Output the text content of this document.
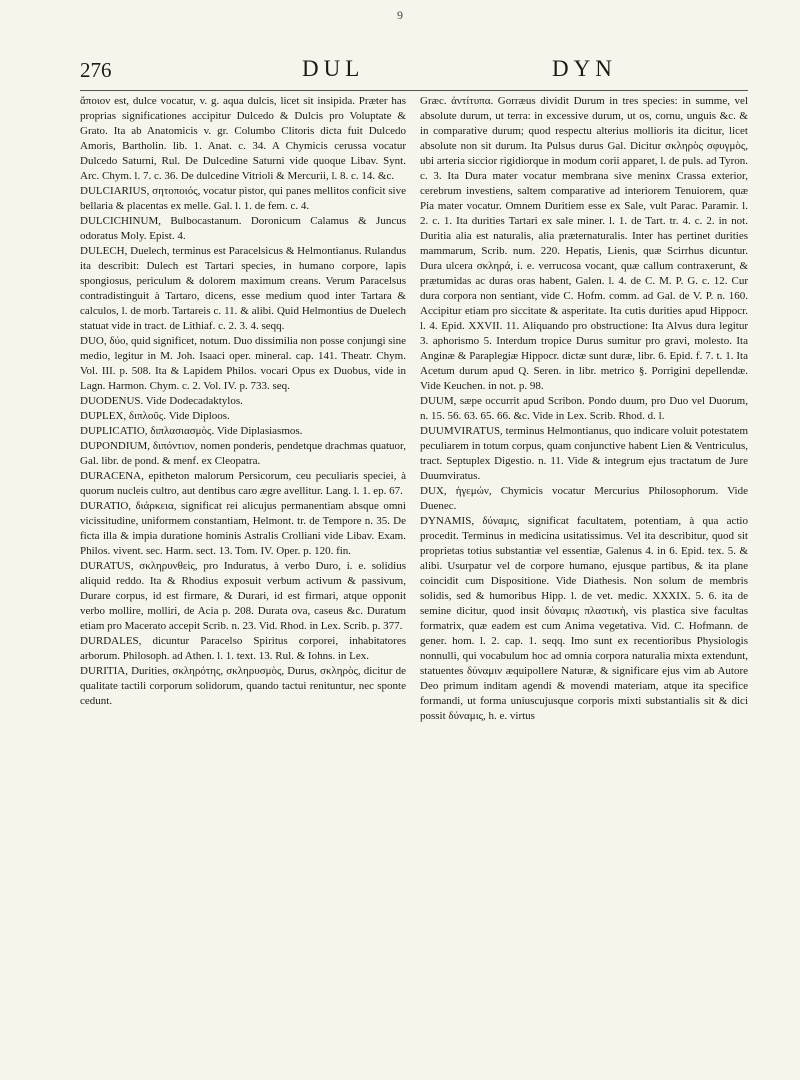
9
276	DUL	DYN

ἄποιον est, dulce vocatur, v. g. aqua dulcis, licet sit insipida. Præter has proprias significationes accipitur Dulcedo & Dulcis pro Voluptate & Grato. Ita ab Anatomicis v. gr. Columbo Clitoris dicta fuit Dulcedo Amoris, Bartholin. lib. 1. Anat. c. 34. A Chymicis cerussa vocatur Dulcedo Saturni, Rul. De Dulcedine Saturni vide quoque Libav. Synt. Arc. Chym. l. 7. c. 36. De dulcedine Vitrioli & Mercurii, l. 8. c. 14. &c.

DULCIARIUS, σητοποιός, vocatur pistor, qui panes mellitos conficit sive bellaria & placentas ex melle. Gal. l. 1. de fem. c. 4.

DULCICHINUM, Bulbocastanum. Doronicum Calamus & Juncus odoratus Moly. Epist. 4.

DULECH, Duelech, terminus est Paracelsicus & Helmontianus. Rulandus ita describit: Dulech est Tartari species, in humano corpore, lapis spongiosus, periculum & dolorem maximum creans. Verum Paracelsus contradistinguit à Tartaro, dicens, esse medium quod inter Tartara & calculos, l. de morb. Tartareis c. 11. & alibi. Quid Helmontius de Duelech statuat vide in tract. de Lithiaf. c. 2. 3. 4. seqq.

DUO, δύο, quid significet, notum. Duo dissimilia non posse conjungi sine medio, legitur in M. Joh. Isaaci oper. mineral. cap. 141. Theatr. Chym. Vol. III. p. 508. Ita & Lapidem Philos. vocari Opus ex Duobus, vide in Lagn. Harmon. Chym. c. 2. Vol. IV. p. 733. seq.

DUODENUS. Vide Dodecadaktylos.

DUPLEX, διπλοῦς. Vide Diploos.

DUPLICATIO, διπλασιασμὸς. Vide Diplasiasmos.

DUPONDIUM, διπόντιον, nomen ponderis, pendetque drachmas quatuor, Gal. libr. de pond. & menf. ex Cleopatra.

DURACENA, epitheton malorum Persicorum, ceu peculiaris speciei, à quorum nucleis cultro, aut dentibus caro ægre avellitur. Lang. l. 1. ep. 67.

DURATIO, διάρκεια, significat rei alicujus permanentiam absque omni vicissitudine, uniformem constantiam, Helmont. tr. de Tempore n. 35. De ficta illa & impia duratione hominis Astralis Crolliani vide Libav. Exam. Philos. vivent. sec. Harm. sect. 13. Tom. IV. Oper. p. 120. fin.

DURATUS, σκληρυνθεὶς, pro Induratus, à verbo Duro, i. e. solidius aliquid reddo. Ita & Rhodius exposuit verbum activum & passivum, Durare corpus, id est firmare, & Durari, id est firmari, atque opponit verbo mollire, molliri, de Acia p. 208. Durata ova, caseus &c. Duratum etiam pro Macerato accepit Scrib. n. 23. Vid. Rhod. in Lex. Scrib. p. 377.

DURDALES, dicuntur Paracelso Spiritus corporei, inhabitatores arborum. Philosoph. ad Athen. l. 1. text. 13. Rul. & Iohns. in Lex.

DURITIA, Durities, σκληρότης, σκληρυσμὸς, Durus, σκληρὸς, dicitur de qualitate tactili corporum solidorum, quando tactui renituntur, nec sponte cedunt.

Græc. ἀντίτυπα. Gorræus dividit Durum in tres species: in summe, vel absolute durum, ut terra: in excessive durum, ut os, cornu, unguis &c. & in comparative durum; quod respectu alterius mollioris ita dicitur, licet absolute non sit durum. Ita Pulsus durus Gal. Dicitur σκληρὸς σφυγμὸς, ubi arteria siccior rigidiorque in modum corii apparet, l. de puls. ad Tyron. c. 3. Ita Dura mater vocatur membrana sive meninx Crassa exterior, cerebrum investiens, saltem comparative ad interiorem Tenuiorem, quæ Pia mater vocatur. Omnem Duritiem esse ex Sale, vult Parac. Paramir. l. 2. c. 1. Ita durities Tartari ex sale miner. l. 1. de Tart. tr. 4. c. 2. in not. Duritia alia est naturalis, alia præternaturalis. Inter has pertinet durities mammarum, Scrib. num. 220. Hepatis, Lienis, quæ Scirrhus dicuntur. Dura ulcera σκληρά, i. e. verrucosa vocant, quæ callum contraxerunt, & prætumidas ac duras oras habent, Galen. l. 4. de C. M. P. G. c. 12. Cur dura corpora non sentiant, vide C. Hofm. comm. ad Gal. de V. P. n. 160. Accipitur etiam pro siccitate & asperitate. Ita cutis durities apud Hippocr. l. 4. Epid. XXVII. 11. Aliquando pro obstructione: Ita Alvus dura legitur 3. aphorismo 5. Interdum tropice Durus sumitur pro gravi, molesto. Ita Anginæ & Paraplegiæ Hippocr. dictæ sunt duræ, libr. 6. Epid. f. 7. t. 1. Ita Acetum durum apud Q. Seren. in libr. metrico §. Porrigini depellendæ. Vide Keuchen. in not. p. 98.

DUUM, sæpe occurrit apud Scribon. Pondo duum, pro Duo vel Duorum, n. 15. 56. 63. 65. 66. &c. Vide in Lex. Scrib. Rhod. d. l.

DUUMVIRATUS, terminus Helmontianus, quo indicare voluit potestatem peculiarem in totum corpus, quam conjunctive habent Lien & Ventriculus, tract. Septuplex Digestio. n. 11. Vide & integrum ejus tractatum de Jure Duumviratus.

DUX, ἡγεμών, Chymicis vocatur Mercurius Philosophorum. Vide Duenec.

DYNAMIS, δύναμις, significat facultatem, potentiam, à qua actio procedit. Terminus in medicina usitatissimus. Vel ita describitur, quod sit proprietas totius substantiæ vel essentiæ, Galenus 4. in 6. Epid. tex. 5. & alibi. Usurpatur vel de corpore humano, ejusque partibus, & ita plane coincidit cum Dispositione. Vide Diathesis. Non solum de membris solidis, sed & humoribus Hipp. l. de vet. medic. XXXIX. 5. 6. ita de semine dicitur, quod insit δύναμις πλαστικὴ, vis plastica sive facultas formatrix, quæ eadem est cum Anima vegetativa. Vid. C. Hofmann. de gener. hom. l. 2. cap. 1. seqq. Imo sunt ex recentioribus Physiologis nonnulli, qui vocabulum hoc ad omnia corpora naturalia mixta extendunt, statuentes δύναμιν æquipollere Naturæ, & significare ejus vim ab Autore Deo primum inditam agendi & movendi materiam, atque ita specifice formandi, ut forma uniuscujusque corporis mixti substantialis sit & dici possit δύναμις, h. e. virtus
